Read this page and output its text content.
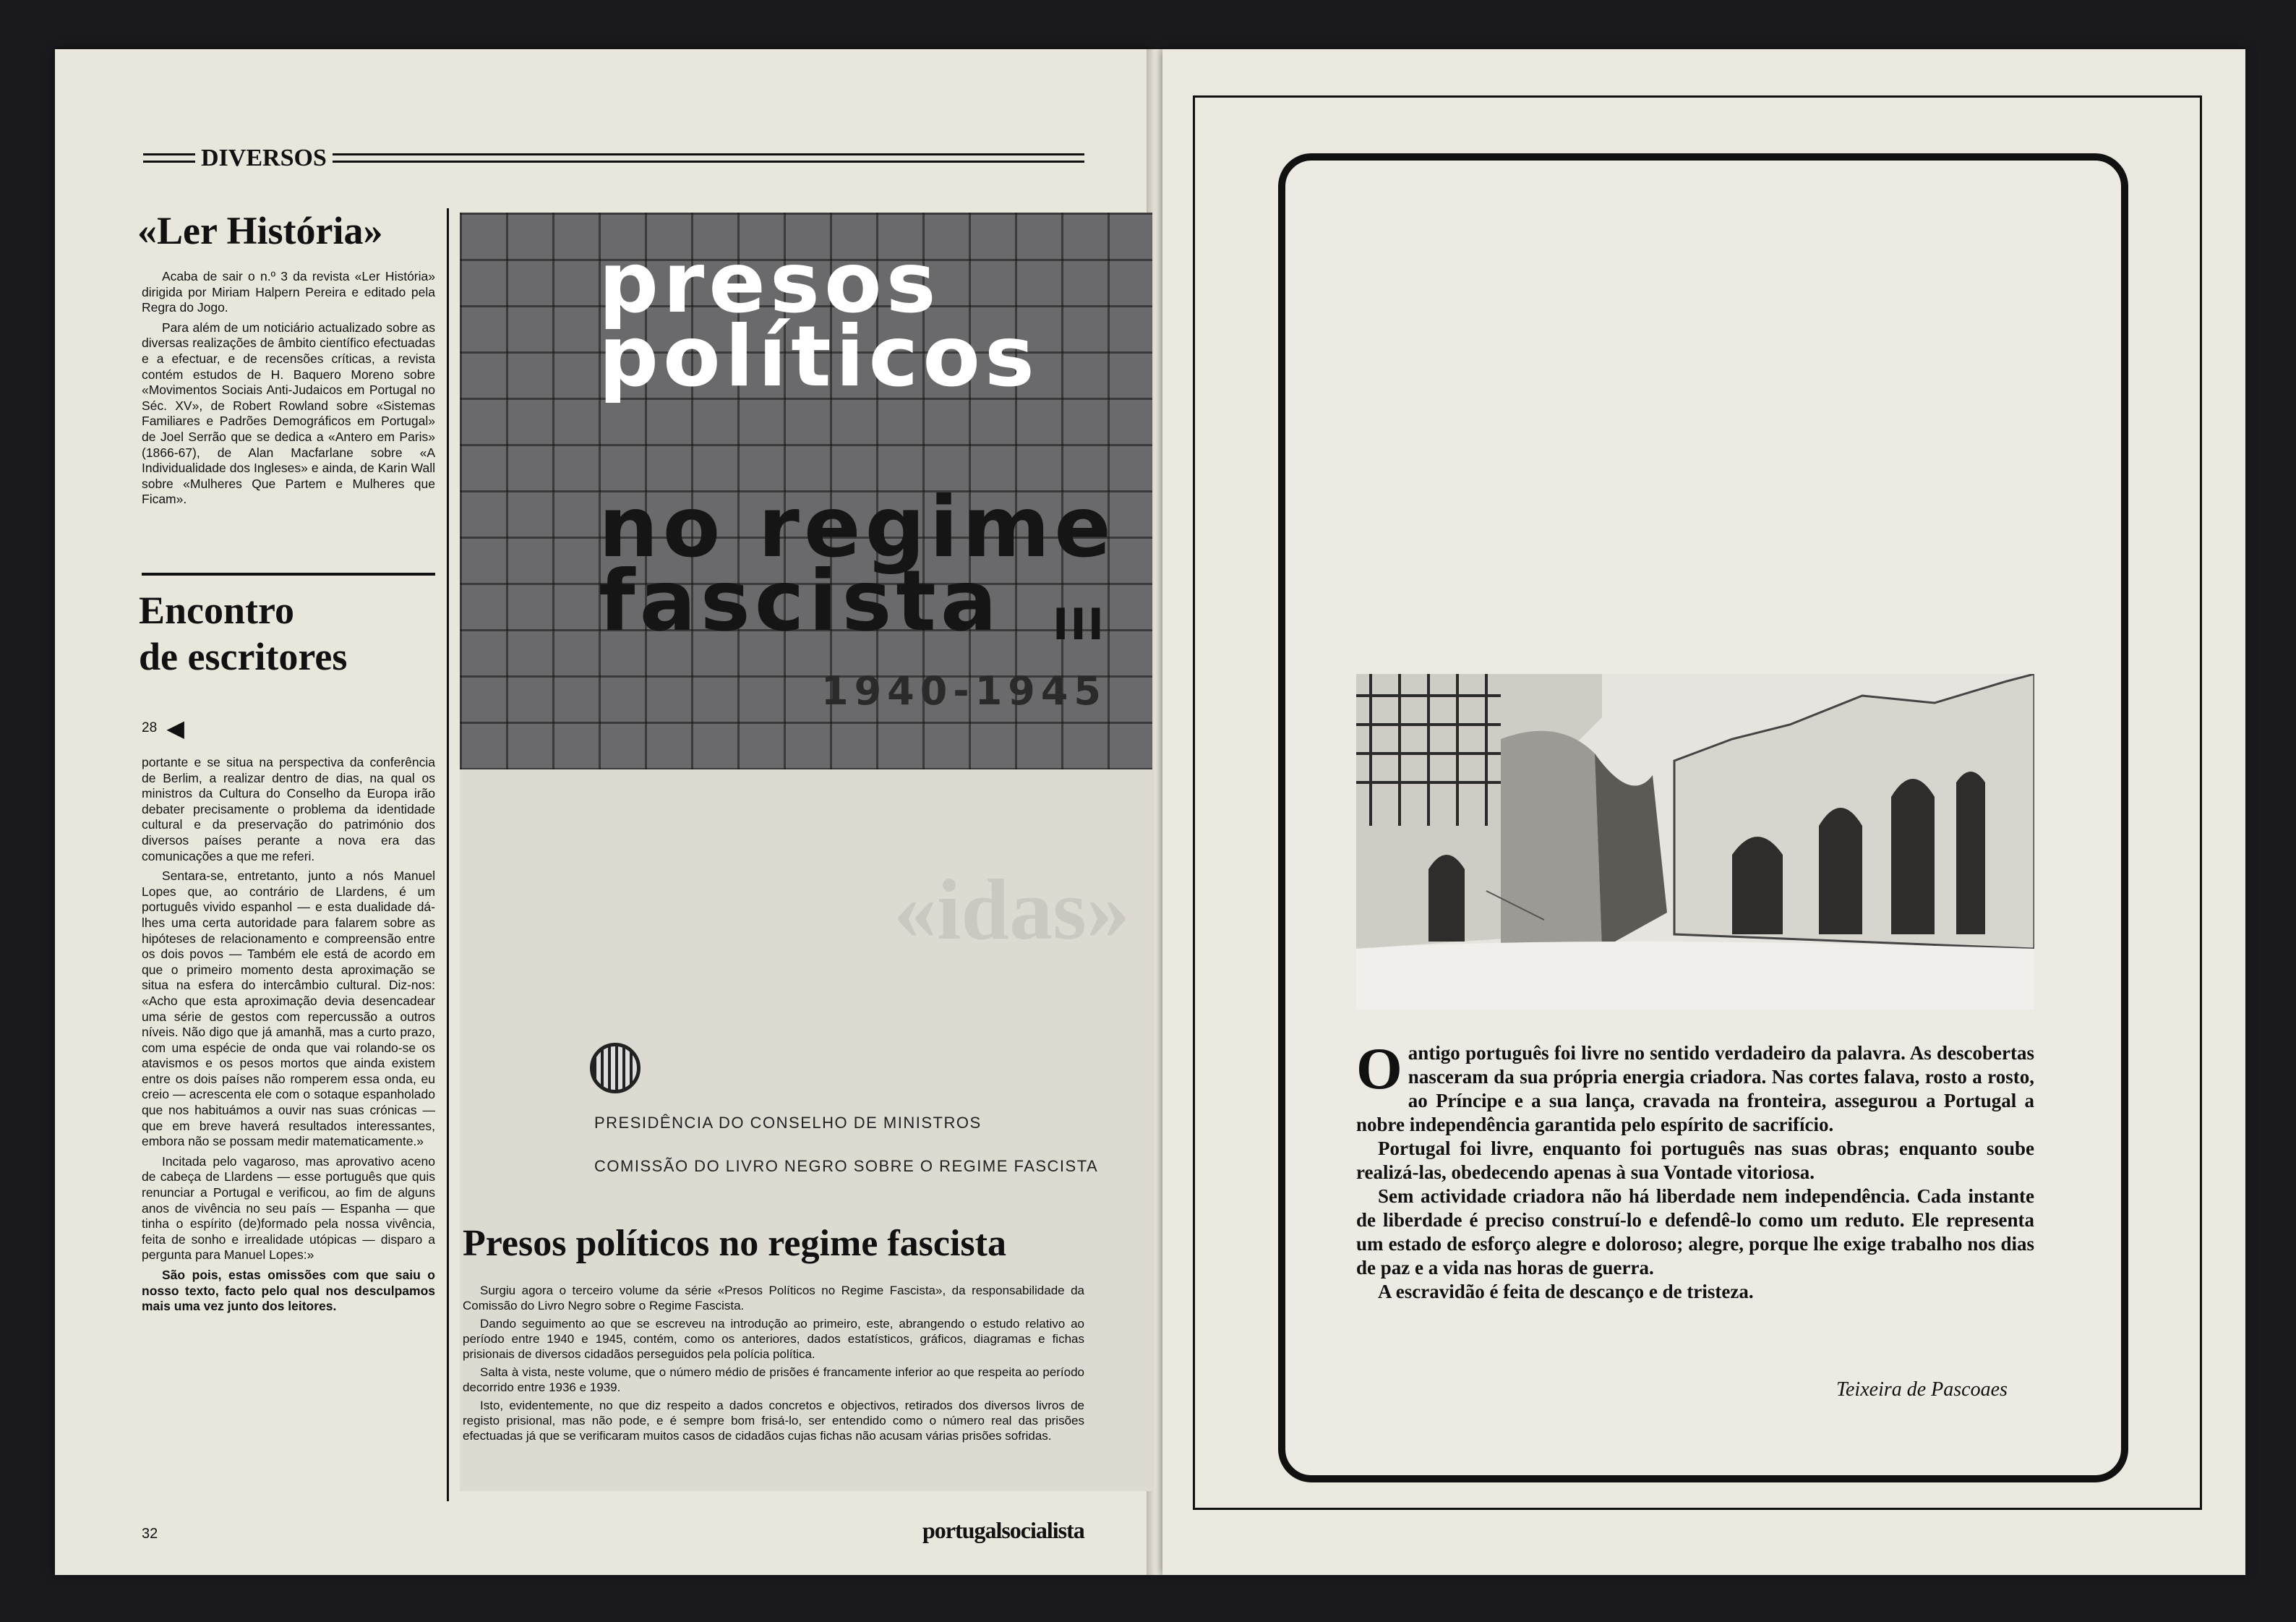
DIVERSOS
«Ler História»

Acaba de sair o n.º 3 da revista «Ler História» dirigida por Miriam Halpern Pereira e editado pela Regra do Jogo.

Para além de um noticiário actualizado sobre as diversas realizações de âmbito científico efectuadas e a efectuar, e de recensões críticas, a revista contém estudos de H. Baquero Moreno sobre «Movimentos Sociais Anti-Judaicos em Portugal no Séc. XV», de Robert Rowland sobre «Sistemas Familiares e Padrões Demográficos em Portugal» de Joel Serrão que se dedica a «Antero em Paris» (1866-67), de Alan Macfarlane sobre «A Individualidade dos Ingleses» e ainda, de Karin Wall sobre «Mulheres Que Partem e Mulheres que Ficam».

Encontro
de escritores
28 ◀

portante e se situa na perspectiva da conferência de Berlim, a realizar dentro de dias, na qual os ministros da Cultura do Conselho da Europa irão debater precisamente o problema da identidade cultural e da preservação do património dos diversos países perante a nova era das comunicações a que me referi.

Sentara-se, entretanto, junto a nós Manuel Lopes que, ao contrário de Llardens, é um português vivido espanhol — e esta dualidade dá-lhes uma certa autoridade para falarem sobre as hipóteses de relacionamento e compreensão entre os dois povos — Também ele está de acordo em que o primeiro momento desta aproximação se situa na esfera do intercâmbio cultural. Diz-nos: «Acho que esta aproximação devia desencadear uma série de gestos com repercussão a outros níveis. Não digo que já amanhã, mas a curto prazo, com uma espécie de onda que vai rolando-se os atavismos e os pesos mortos que ainda existem entre os dois países não romperem essa onda, eu creio — acrescenta ele com o sotaque espanholado que nos habituámos a ouvir nas suas crónicas — que em breve haverá resultados interessantes, embora não se possam medir matematicamente.»

Incitada pelo vagaroso, mas aprovativo aceno de cabeça de Llardens — esse português que quis renunciar a Portugal e verificou, ao fim de alguns anos de vivência no seu país — Espanha — que tinha o espírito (de)formado pela nossa vivência, feita de sonho e irrealidade utópicas — disparo a pergunta para Manuel Lopes:»

São pois, estas omissões com que saiu o nosso texto, facto pelo qual nos desculpamos mais uma vez junto dos leitores.

presos
políticos
no regime
fascista III
1940-1945
«idas»
PRESIDÊNCIA DO CONSELHO DE MINISTROS
COMISSÃO DO LIVRO NEGRO SOBRE O REGIME FASCISTA
Presos políticos no regime fascista

Surgiu agora o terceiro volume da série «Presos Políticos no Regime Fascista», da responsabilidade da Comissão do Livro Negro sobre o Regime Fascista.

Dando seguimento ao que se escreveu na introdução ao primeiro, este, abrangendo o estudo relativo ao período entre 1940 e 1945, contém, como os anteriores, dados estatísticos, gráficos, diagramas e fichas prisionais de diversos cidadãos perseguidos pela polícia política.

Salta à vista, neste volume, que o número médio de prisões é francamente inferior ao que respeita ao período decorrido entre 1936 e 1939.

Isto, evidentemente, no que diz respeito a dados concretos e objectivos, retirados dos diversos livros de registo prisional, mas não pode, e é sempre bom frisá-lo, ser entendido como o número real das prisões efectuadas já que se verificaram muitos casos de cidadãos cujas fichas não acusam várias prisões sofridas.

32	portugalsocialista

Oantigo português foi livre no sentido verdadeiro da palavra. As descobertas nasceram da sua própria energia criadora. Nas cortes falava, rosto a rosto, ao Príncipe e a sua lança, cravada na fronteira, assegurou a Portugal a nobre independência garantida pelo espírito de sacrifício.

Portugal foi livre, enquanto foi português nas suas obras; enquanto soube realizá-las, obedecendo apenas à sua Vontade vitoriosa.

Sem actividade criadora não há liberdade nem independência. Cada instante de liberdade é preciso construí-lo e defendê-lo como um reduto. Ele representa um estado de esforço alegre e doloroso; alegre, porque lhe exige trabalho nos dias de paz e a vida nas horas de guerra.

A escravidão é feita de descanço e de tristeza.

Teixeira de Pascoaes
